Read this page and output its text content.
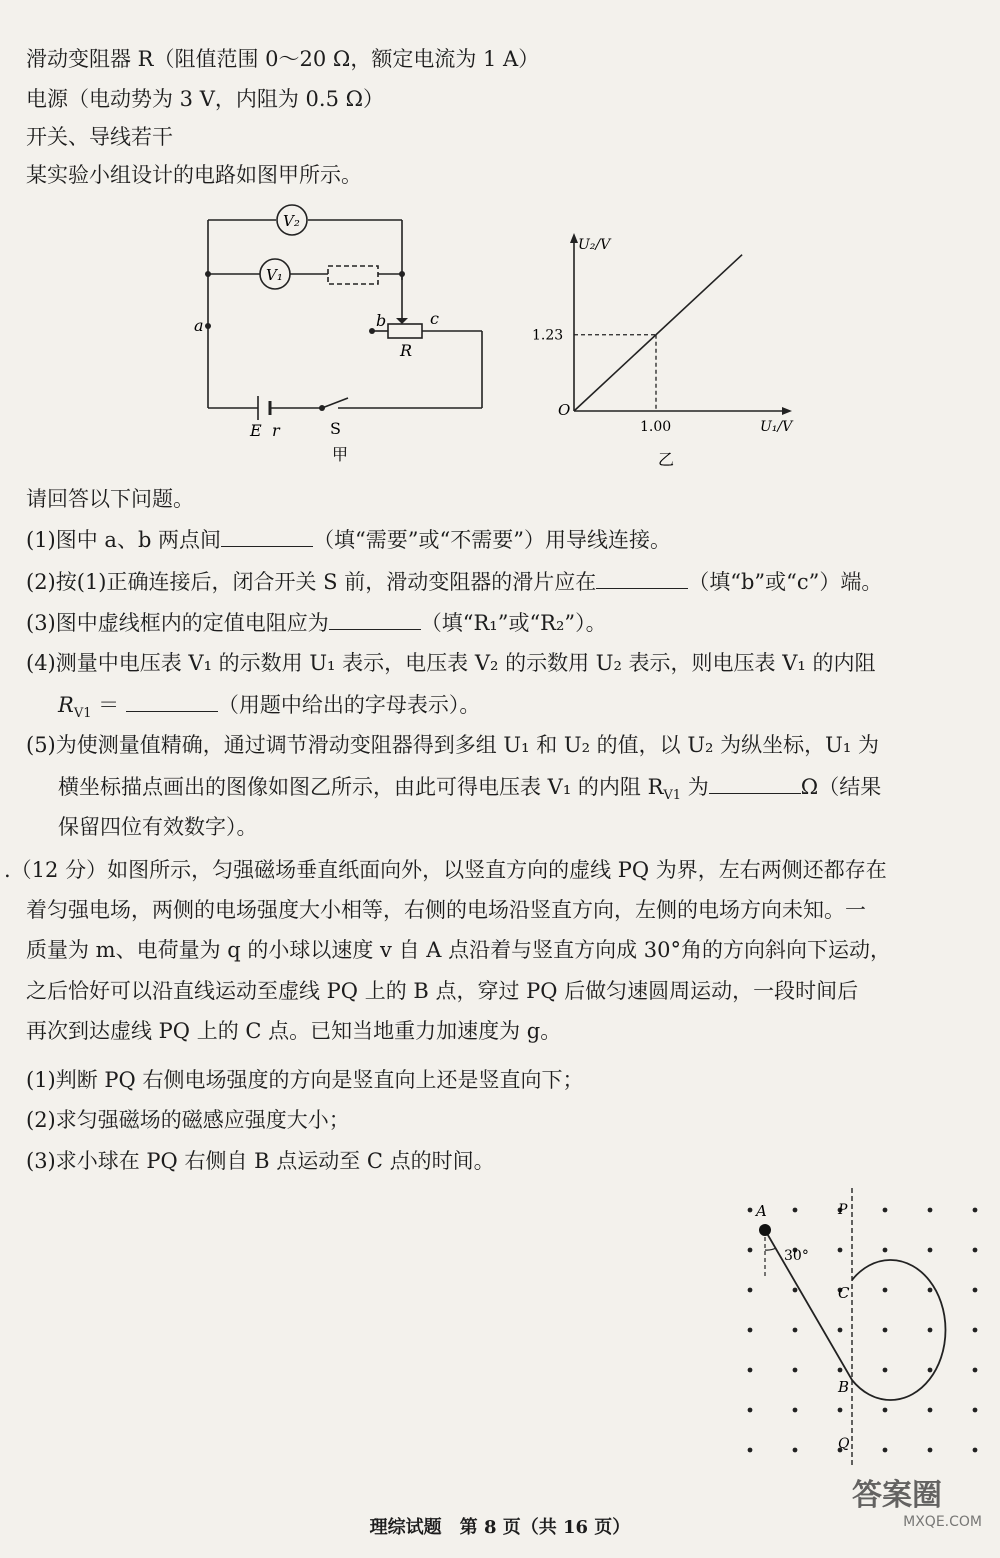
滑动变阻器 R（阻值范围 0～20 Ω，额定电流为 1 A）
电源（电动势为 3 V，内阻为 0.5 Ω）
开关、导线若干
某实验小组设计的电路如图甲所示。
V₂
V₁
a	b	c
R
E r	S
甲
U₂/V
U₁/V
O
1.23
1.00
乙
请回答以下问题。
(1)图中 a、b 两点间	（填“需要”或“不需要”）用导线连接。
(2)按(1)正确连接后，闭合开关 S 前，滑动变阻器的滑片应在	（填“b”或“c”）端。
(3)图中虚线框内的定值电阻应为	（填“R₁”或“R₂”）。
(4)测量中电压表 V₁ 的示数用 U₁ 表示，电压表 V₂ 的示数用 U₂ 表示，则电压表 V₁ 的内阻
$R_{V1}$ ＝	（用题中给出的字母表示）。
(5)为使测量值精确，通过调节滑动变阻器得到多组 U₁ 和 U₂ 的值，以 U₂ 为纵坐标，U₁ 为
横坐标描点画出的图像如图乙所示，由此可得电压表 V₁ 的内阻 $R_{V1}$ 为	Ω（结果
保留四位有效数字）。
.（12 分）如图所示，匀强磁场垂直纸面向外，以竖直方向的虚线 PQ 为界，左右两侧还都存在
着匀强电场，两侧的电场强度大小相等，右侧的电场沿竖直方向，左侧的电场方向未知。一
质量为 m、电荷量为 q 的小球以速度 v 自 A 点沿着与竖直方向成 30°角的方向斜向下运动，
之后恰好可以沿直线运动至虚线 PQ 上的 B 点，穿过 PQ 后做匀速圆周运动，一段时间后
再次到达虚线 PQ 上的 C 点。已知当地重力加速度为 g。
(1)判断 PQ 右侧电场强度的方向是竖直向上还是竖直向下；
(2)求匀强磁场的磁感应强度大小；
(3)求小球在 PQ 右侧自 B 点运动至 C 点的时间。
A	P
C
B
Q
30°
理综试题　第 8 页（共 16 页）
答案圈
MXQE.COM
